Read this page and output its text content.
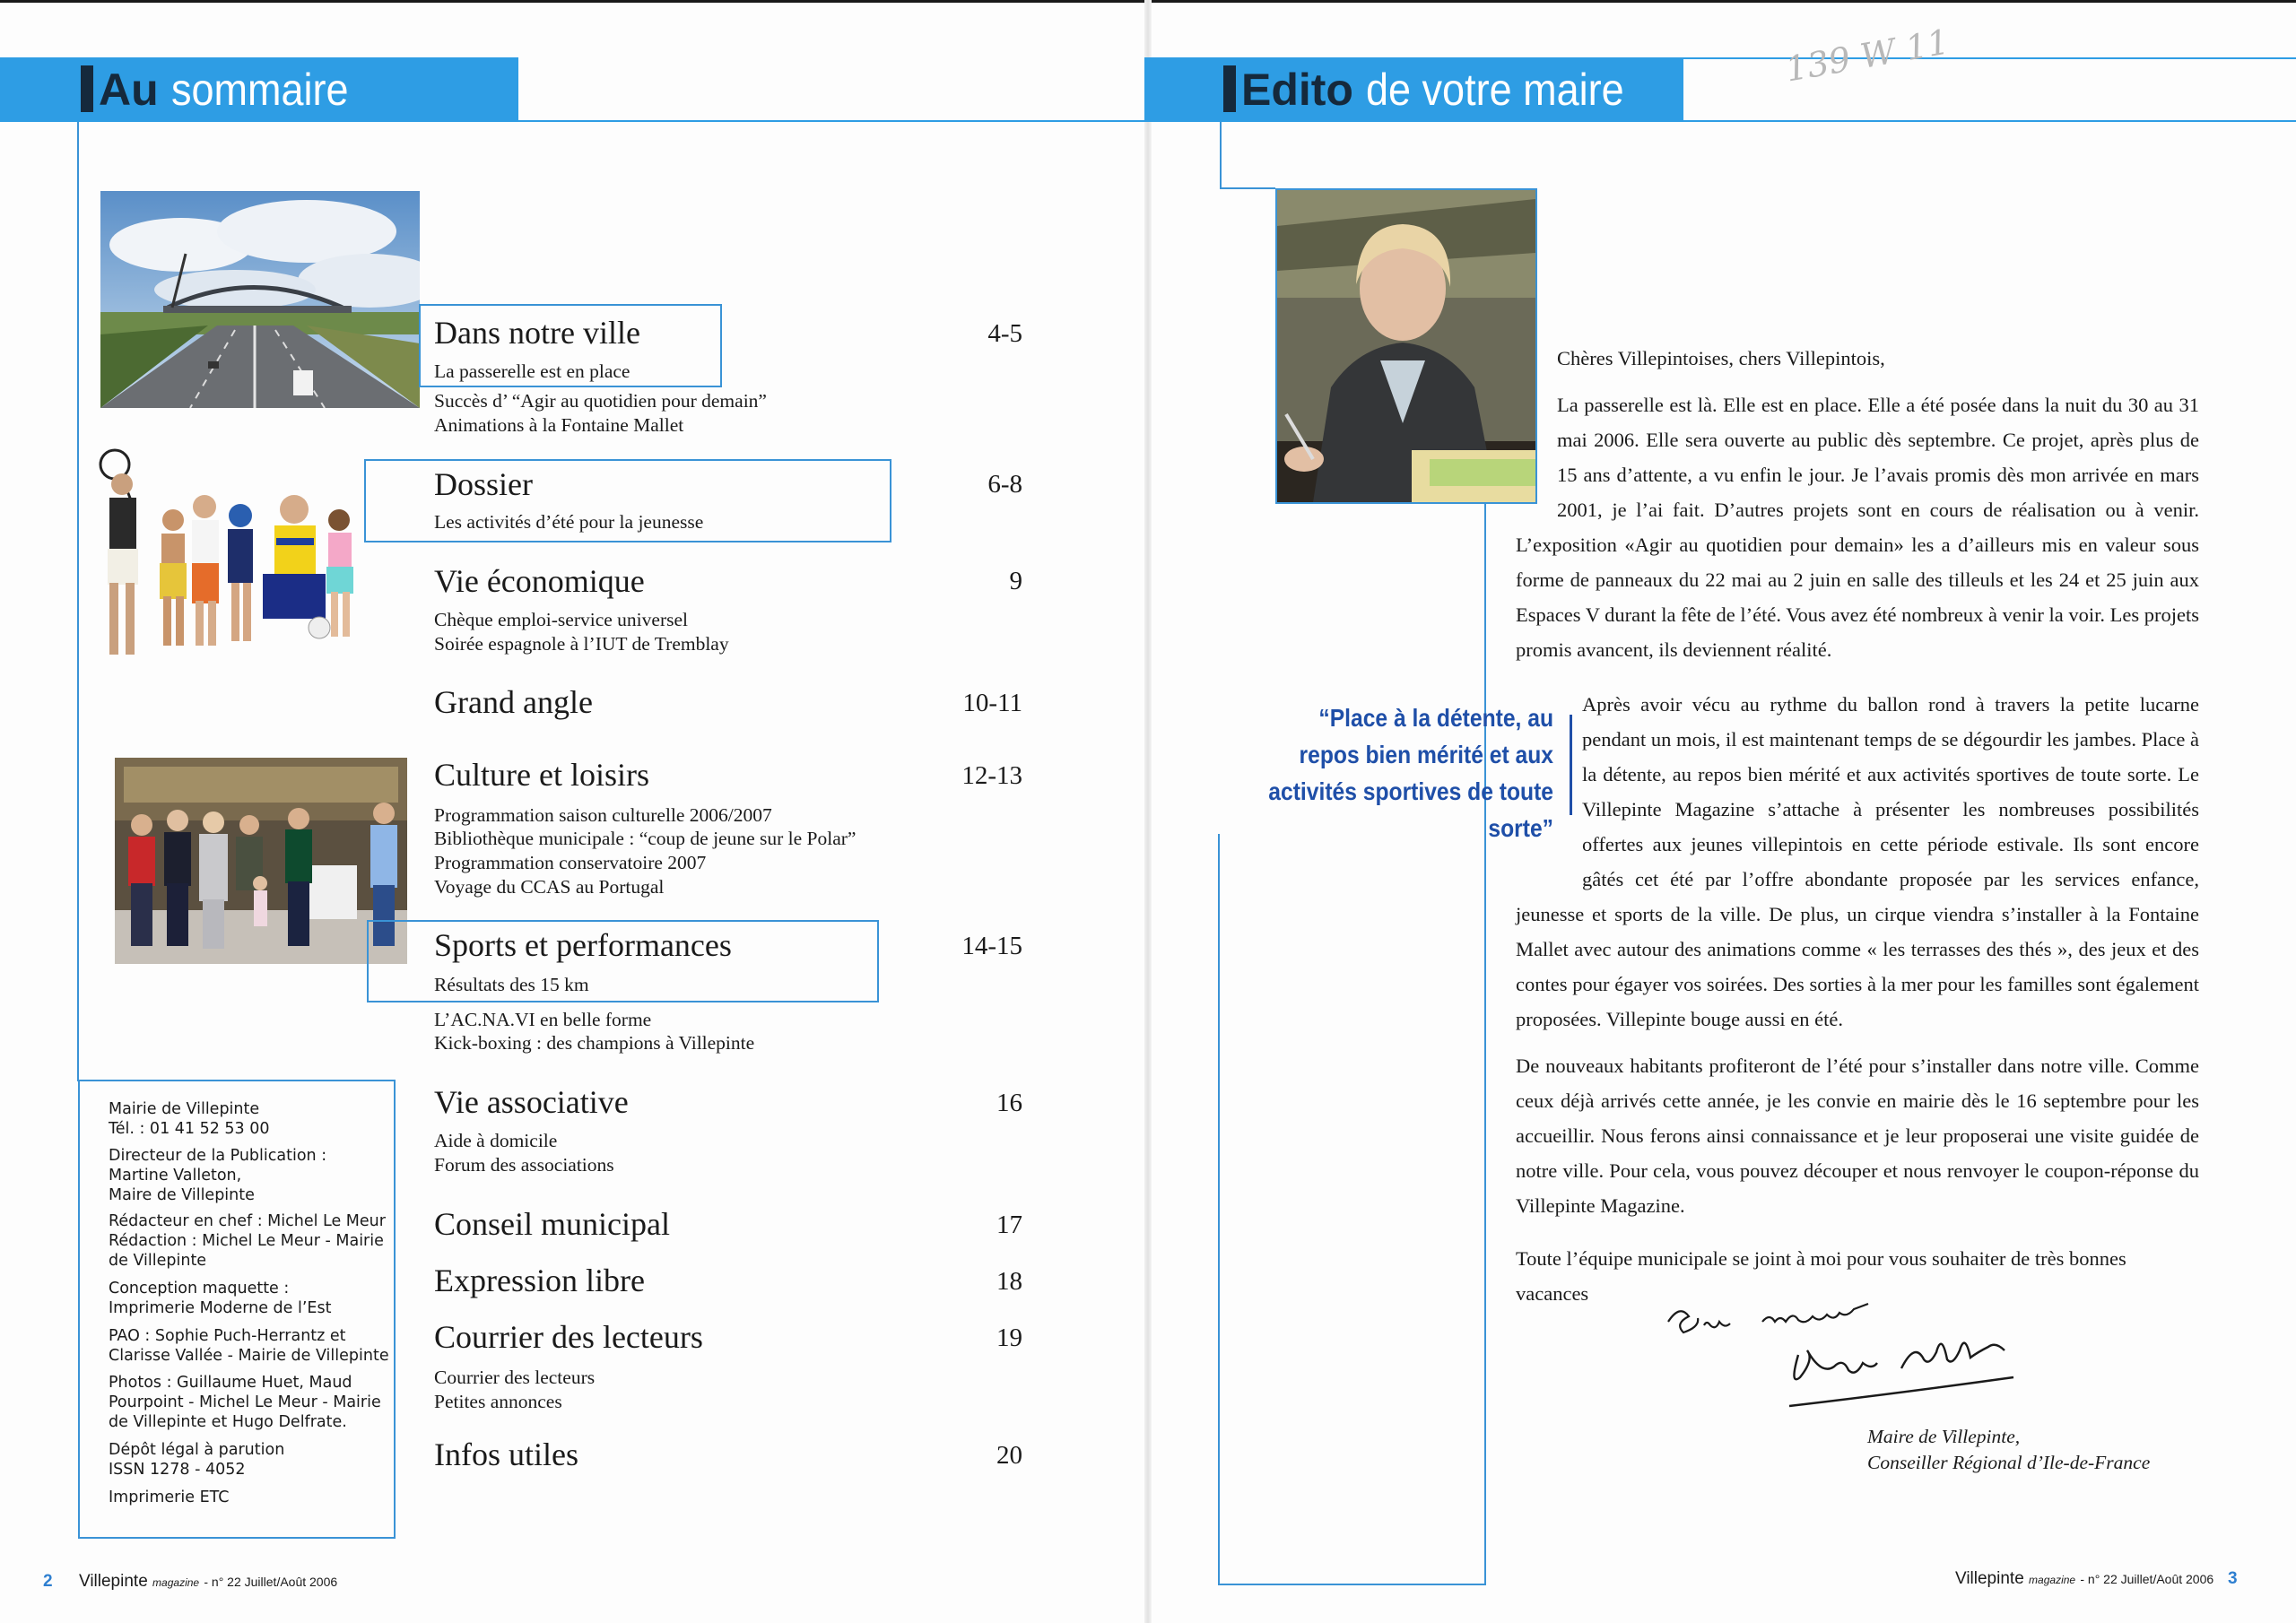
Au sommaire
Dans notre ville	4-5
La passerelle est en place
Succès d’ “Agir au quotidien pour demain”
Animations à la Fontaine Mallet
Dossier	6-8
Les activités d’été pour la jeunesse
Vie économique	9
Chèque emploi-service universel
Soirée espagnole à l’IUT de Tremblay
Grand angle	10-11
Culture et loisirs	12-13
Programmation saison culturelle 2006/2007
Bibliothèque municipale : “coup de jeune sur le Polar”
Programmation conservatoire 2007
Voyage du CCAS au Portugal
Sports et performances	14-15
Résultats des 15 km
L’AC.NA.VI en belle forme
Kick-boxing : des champions à Villepinte
Vie associative	16
Aide à domicile
Forum des associations
Conseil municipal	17
Expression libre	18
Courrier des lecteurs	19
Courrier des lecteurs
Petites annonces
Infos utiles	20
Mairie de Villepinte
Tél. : 01 41 52 53 00
Directeur de la Publication :
Martine Valleton,
Maire de Villepinte
Rédacteur en chef : Michel Le Meur
Rédaction : Michel Le Meur - Mairie
de Villepinte
Conception maquette :
Imprimerie Moderne de l’Est
PAO : Sophie Puch-Herrantz et
Clarisse Vallée - Mairie de Villepinte
Photos : Guillaume Huet, Maud
Pourpoint - Michel Le Meur - Mairie
de Villepinte et Hugo Delfrate.
Dépôt légal à parution
ISSN 1278 - 4052
Imprimerie ETC
2 Villepinte magazine - n° 22 Juillet/Août 2006
Edito de votre maire
139 W 11
Chères Villepintoises, chers Villepintois,
La passerelle est là. Elle est en place. Elle a été posée dans la nuit du 30 au 31 mai 2006. Elle sera ouverte au public dès septembre. Ce projet, après plus de 15 ans d’attente, a vu enfin le jour. Je l’avais promis dès mon arrivée en mars 2001, je l’ai fait. D’autres projets sont en cours de réalisation ou à venir. L’exposition «Agir au quotidien pour demain» les a d’ailleurs mis en valeur sous forme de panneaux du 22 mai au 2 juin en salle des tilleuls et les 24 et 25 juin aux Espaces V durant la fête de l’été. Vous avez été nombreux à venir la voir. Les projets promis avancent, ils deviennent réalité.
Après avoir vécu au rythme du ballon rond à travers la petite lucarne pendant un mois, il est maintenant temps de se dégourdir les jambes. Place à la détente, au repos bien mérité et aux activités sportives de toute sorte. Le Villepinte Magazine s’attache à présenter les nombreuses possibilités offertes aux jeunes villepintois en cette période estivale. Ils sont encore gâtés cet été par l’offre abondante proposée par les services enfance, jeunesse et sports de la ville. De plus, un cirque viendra s’installer à la Fontaine Mallet avec autour des animations comme « les terrasses des thés », des jeux et des contes pour égayer vos soirées. Des sorties à la mer pour les familles sont également proposées. Villepinte bouge aussi en été.
De nouveaux habitants profiteront de l’été pour s’installer dans notre ville. Comme ceux déjà arrivés cette année, je les convie en mairie dès le 16 septembre pour les accueillir. Nous ferons ainsi connaissance et je leur proposerai une visite guidée de notre ville. Pour cela, vous pouvez découper et nous renvoyer le coupon-réponse du Villepinte Magazine.
Toute l’équipe municipale se joint à moi pour vous souhaiter de très bonnes vacances
“Place à la détente, au repos bien mérité et aux activités sportives de toute sorte”
Maire de Villepinte,
Conseiller Régional d’Ile-de-France
Villepinte magazine - n° 22 Juillet/Août 2006 3
